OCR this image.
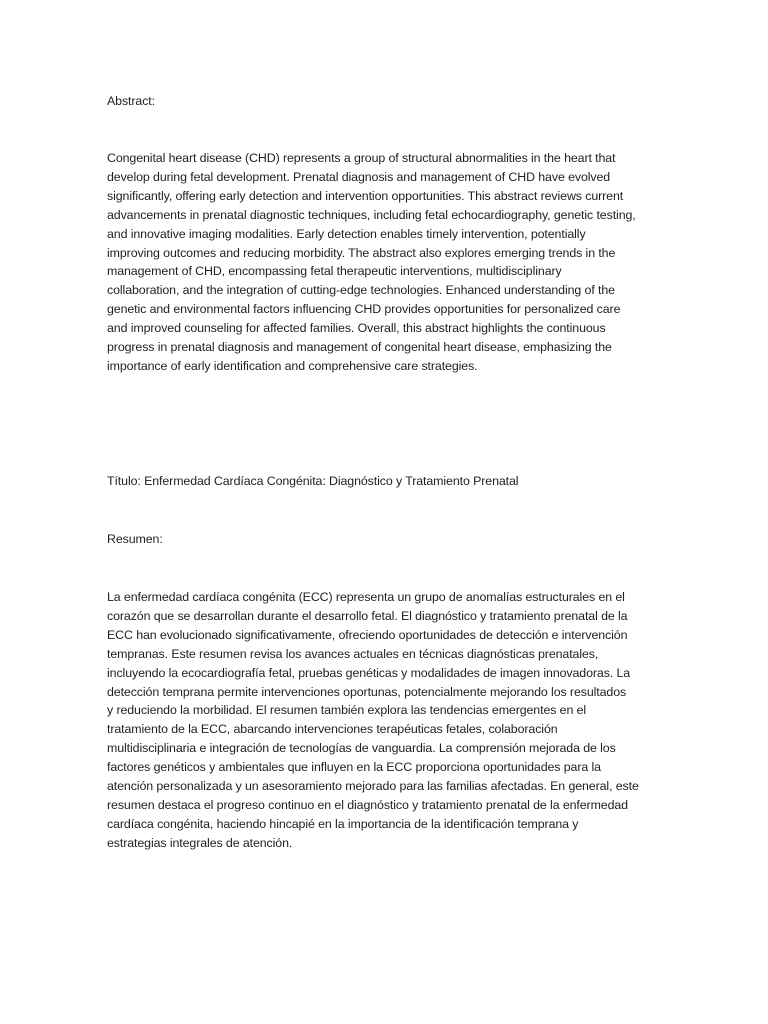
Abstract:

Congenital heart disease (CHD) represents a group of structural abnormalities in the heart that
develop during fetal development. Prenatal diagnosis and management of CHD have evolved
significantly, offering early detection and intervention opportunities. This abstract reviews current
advancements in prenatal diagnostic techniques, including fetal echocardiography, genetic testing,
and innovative imaging modalities. Early detection enables timely intervention, potentially
improving outcomes and reducing morbidity. The abstract also explores emerging trends in the
management of CHD, encompassing fetal therapeutic interventions, multidisciplinary
collaboration, and the integration of cutting-edge technologies. Enhanced understanding of the
genetic and environmental factors influencing CHD provides opportunities for personalized care
and improved counseling for affected families. Overall, this abstract highlights the continuous
progress in prenatal diagnosis and management of congenital heart disease, emphasizing the
importance of early identification and comprehensive care strategies.

Título: Enfermedad Cardíaca Congénita: Diagnóstico y Tratamiento Prenatal

Resumen:

La enfermedad cardíaca congénita (ECC) representa un grupo de anomalías estructurales en el
corazón que se desarrollan durante el desarrollo fetal. El diagnóstico y tratamiento prenatal de la
ECC han evolucionado significativamente, ofreciendo oportunidades de detección e intervención
tempranas. Este resumen revisa los avances actuales en técnicas diagnósticas prenatales,
incluyendo la ecocardiografía fetal, pruebas genéticas y modalidades de imagen innovadoras. La
detección temprana permite intervenciones oportunas, potencialmente mejorando los resultados
y reduciendo la morbilidad. El resumen también explora las tendencias emergentes en el
tratamiento de la ECC, abarcando intervenciones terapéuticas fetales, colaboración
multidisciplinaria e integración de tecnologías de vanguardia. La comprensión mejorada de los
factores genéticos y ambientales que influyen en la ECC proporciona oportunidades para la
atención personalizada y un asesoramiento mejorado para las familias afectadas. En general, este
resumen destaca el progreso continuo en el diagnóstico y tratamiento prenatal de la enfermedad
cardíaca congénita, haciendo hincapié en la importancia de la identificación temprana y
estrategias integrales de atención.
